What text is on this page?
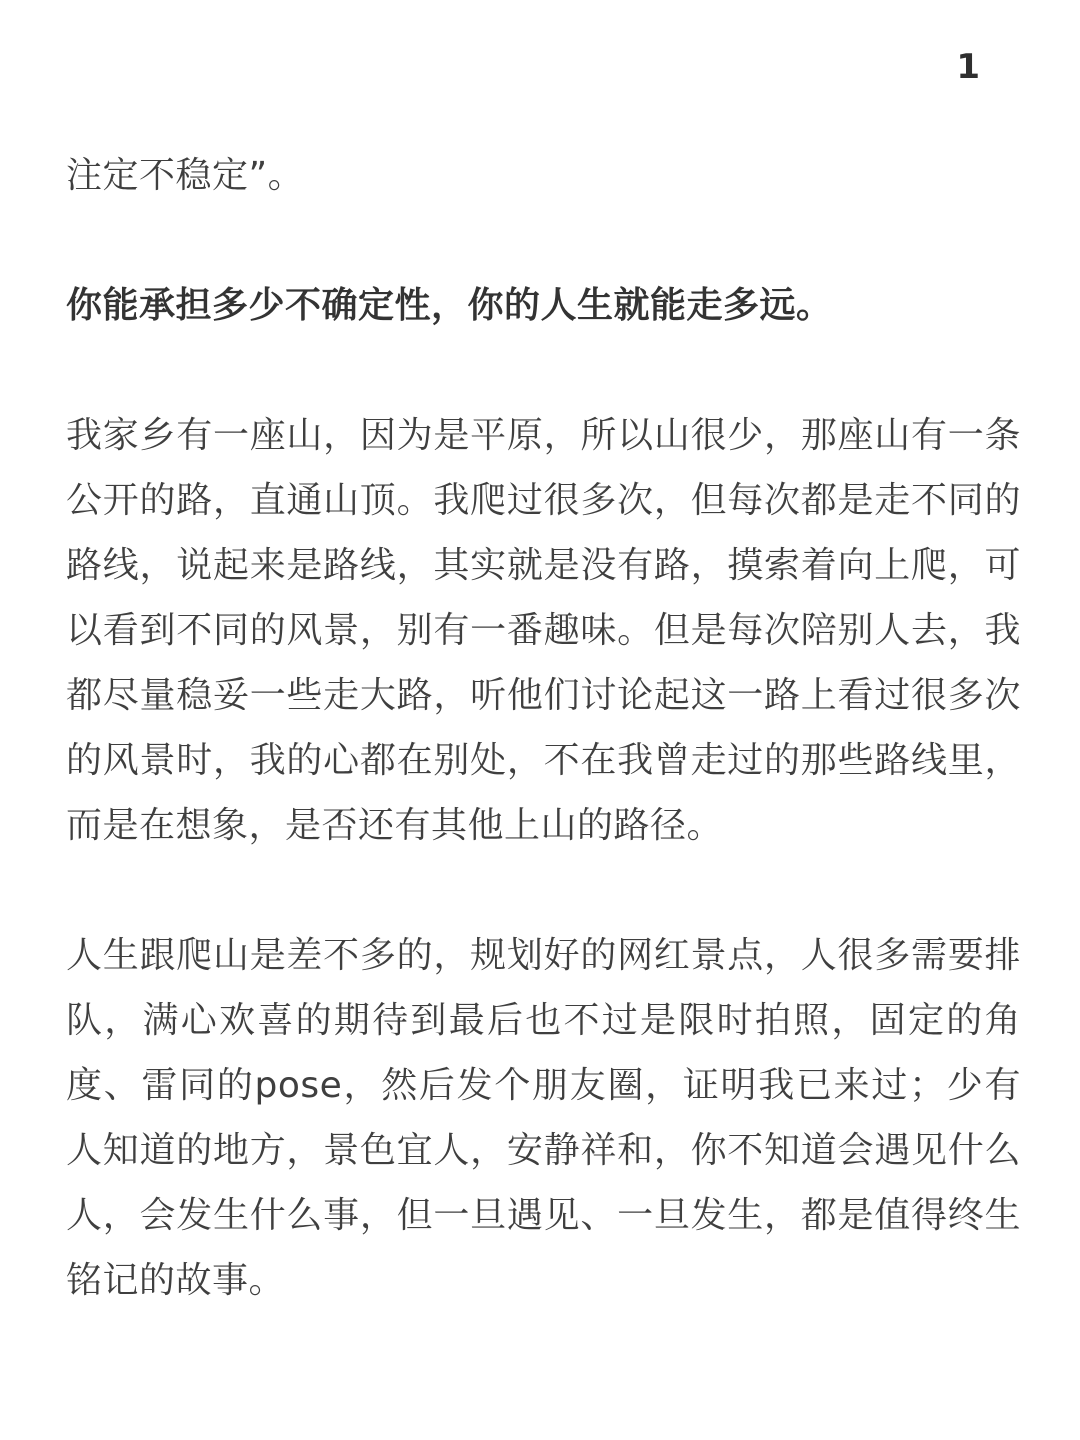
1

注定不稳定”。

你能承担多少不确定性，你的人生就能走多远。

我家乡有一座山，因为是平原，所以山很少，那座山有一条公开的路，直通山顶。我爬过很多次，但每次都是走不同的路线，说起来是路线，其实就是没有路，摸索着向上爬，可以看到不同的风景，别有一番趣味。但是每次陪别人去，我都尽量稳妥一些走大路，听他们讨论起这一路上看过很多次的风景时，我的心都在别处，不在我曾走过的那些路线里，而是在想象，是否还有其他上山的路径。

人生跟爬山是差不多的，规划好的网红景点，人很多需要排队，满心欢喜的期待到最后也不过是限时拍照，固定的角度、雷同的pose，然后发个朋友圈，证明我已来过；少有人知道的地方，景色宜人，安静祥和，你不知道会遇见什么人，会发生什么事，但一旦遇见、一旦发生，都是值得终生铭记的故事。
